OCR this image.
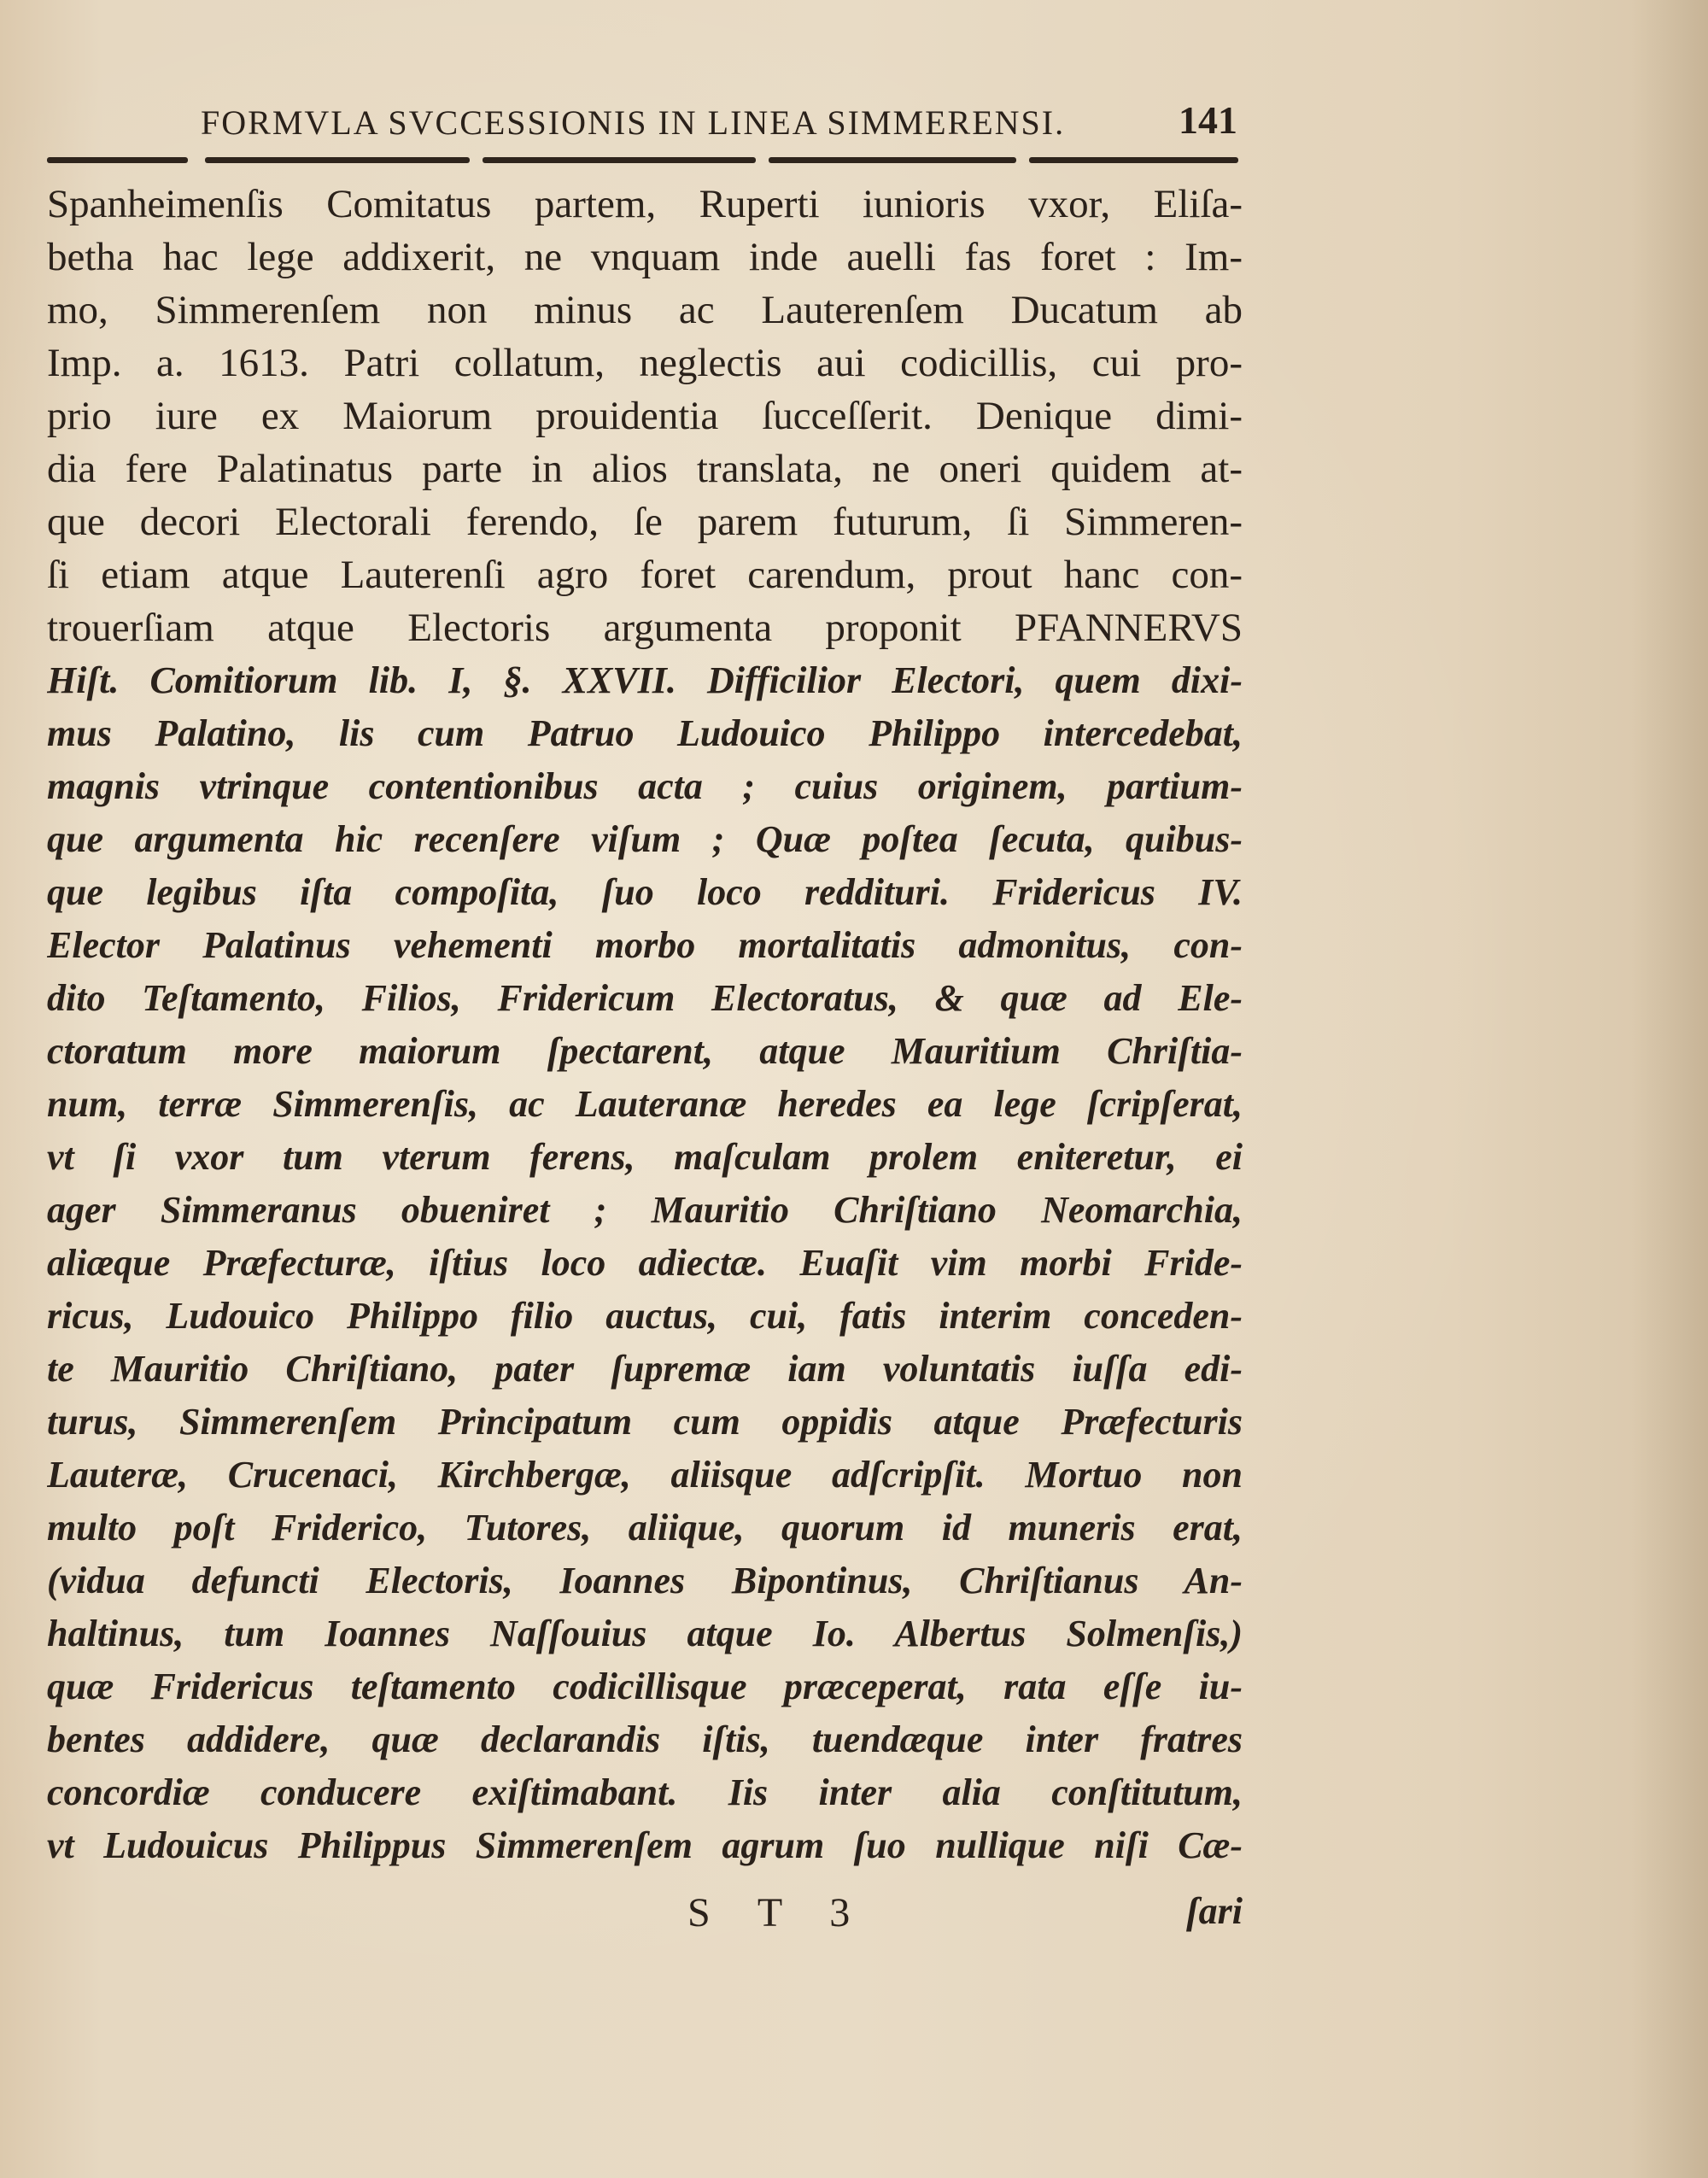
FORMVLA SVCCESSIONIS IN LINEA SIMMERENSI.	141
Spanheimenſis Comitatus partem, Ruperti iunioris vxor, Eliſa-
betha hac lege addixerit, ne vnquam inde auelli fas foret : Im-
mo, Simmerenſem non minus ac Lauterenſem Ducatum ab
Imp. a. 1613. Patri collatum, neglectis aui codicillis, cui pro-
prio iure ex Maiorum prouidentia ſucceſſerit. Denique dimi-
dia fere Palatinatus parte in alios translata, ne oneri quidem at-
que decori Electorali ferendo, ſe parem futurum, ſi Simmeren-
ſi etiam atque Lauterenſi agro foret carendum, prout hanc con-
trouerſiam atque Electoris argumenta proponit PFANNERVS
Hiſt. Comitiorum lib. I, §. XXVII. Difficilior Electori, quem dixi-
mus Palatino, lis cum Patruo Ludouico Philippo intercedebat,
magnis vtrinque contentionibus acta ; cuius originem, partium-
que argumenta hic recenſere viſum ; Quæ poſtea ſecuta, quibus-
que legibus iſta compoſita, ſuo loco reddituri. Fridericus IV.
Elector Palatinus vehementi morbo mortalitatis admonitus, con-
dito Teſtamento, Filios, Fridericum Electoratus, & quæ ad Ele-
ctoratum more maiorum ſpectarent, atque Mauritium Chriſtia-
num, terræ Simmerenſis, ac Lauteranæ heredes ea lege ſcripſerat,
vt ſi vxor tum vterum ferens, maſculam prolem eniteretur, ei
ager Simmeranus obueniret ; Mauritio Chriſtiano Neomarchia,
aliæque Præfecturæ, iſtius loco adiectæ. Euaſit vim morbi Fride-
ricus, Ludouico Philippo filio auctus, cui, fatis interim conceden-
te Mauritio Chriſtiano, pater ſupremæ iam voluntatis iuſſa edi-
turus, Simmerenſem Principatum cum oppidis atque Præfecturis
Lauteræ, Crucenaci, Kirchbergæ, aliisque adſcripſit. Mortuo non
multo poſt Friderico, Tutores, aliique, quorum id muneris erat,
(vidua defuncti Electoris, Ioannes Bipontinus, Chriſtianus An-
haltinus, tum Ioannes Naſſouius atque Io. Albertus Solmenſis,)
quæ Fridericus teſtamento codicillisque præceperat, rata eſſe iu-
bentes addidere, quæ declarandis iſtis, tuendæque inter fratres
concordiæ conducere exiſtimabant. Iis inter alia conſtitutum,
vt Ludouicus Philippus Simmerenſem agrum ſuo nullique niſi Cæ-
S T 3	ſari
